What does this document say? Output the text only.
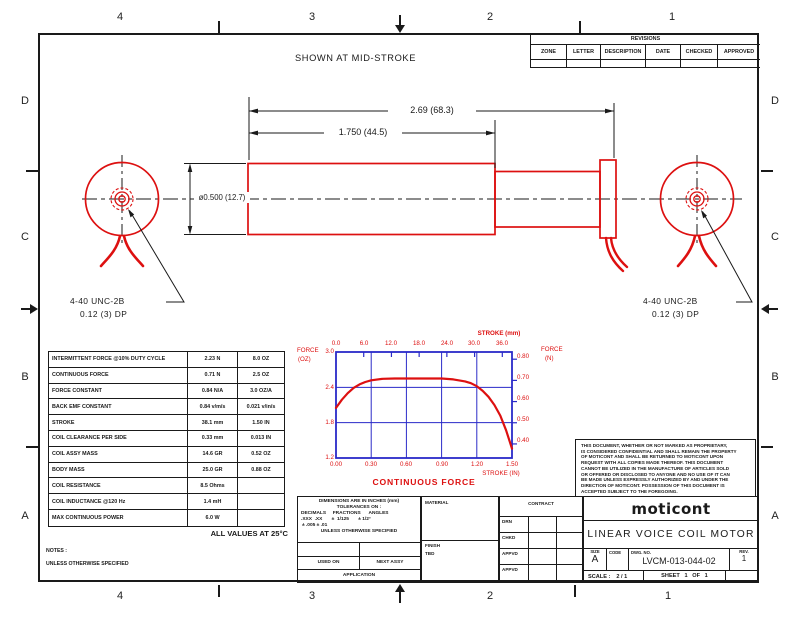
4	3	2	1
4	3	2	1
D
C
B
A
D
C
B
A
REVISIONS
ZONE	LETTER	DESCRIPTION	DATE	CHECKED	APPROVED
SHOWN AT MID-STROKE
2.69 (68.3)
1.750 (44.5)
ø0.500 (12.7)
4-40 UNC-2B
0.12 (3) DP
4-40 UNC-2B
0.12 (3) DP
INTERMITTENT FORCE @10% DUTY CYCLE	2.23 N	8.0 OZ
CONTINUOUS FORCE	0.71 N	2.5 OZ
FORCE CONSTANT	0.84 N/A	3.0 OZ/A
BACK EMF CONSTANT	0.84 v/m/s	0.021 v/in/s
STROKE	38.1 mm	1.50 IN
COIL CLEARANCE PER SIDE	0.33 mm	0.013 IN
COIL ASSY MASS	14.6 GR	0.52 OZ
BODY MASS	25.0 GR	0.88 OZ
COIL RESISTANCE	8.5 Ohms
COIL INDUCTANCE @120 Hz	1.4 mH
MAX CONTINUOUS POWER	6.0 W
ALL VALUES AT 25°C
NOTES :
UNLESS OTHERWISE SPECIFIED
STROKE (mm)
0.0	6.0	12.0	18.0	24.0	30.0	36.0
FORCE
(OZ)
3.0
2.4
1.8
1.2
FORCE
(N)
0.80
0.70
0.60
0.50
0.40
0.00	0.30	0.60	0.90	1.20	1.50
STROKE (IN)
CONTINUOUS FORCE
THIS DOCUMENT, WHETHER OR NOT MARKED AS PROPRIETARY,
IS CONSIDERED CONFIDENTIAL AND SHALL REMAIN THE PROPERTY
OF MOTICONT AND SHALL BE RETURNED TO MOTICONT UPON
REQUEST WITH ALL COPIES MADE THEREOF. THIS DOCUMENT
CANNOT BE UTILIZED IN THE MANUFACTURE OF ARTICLES SOLD
OR OFFERED OR DISCLOSED TO ANYONE AND NO USE OF IT CAN
BE MADE UNLESS EXPRESSLY AUTHORIZED BY AND UNDER THE
DIRECTION OF MOTICONT. POSSESSION OF THIS DOCUMENT IS
ACCEPTED SUBJECT TO THE FOREGOING.
DIMENSIONS ARE IN INCHES (mm)
TOLERANCES ON :
DECIMALS     FRACTIONS      ANGLES
.XXX  .XX       ±  1/125       ± 1/2°
± .005 ± .01
UNLESS OTHERWISE SPECIFIED
USED ON	NEXT ASSY
APPLICATION
MATERIAL
FINISH
TBD
CONTRACT
DRN
CHKD
APPVD
APPVD
moticont
LINEAR VOICE COIL MOTOR
SIZE
A
CODE	DWG. NO.
LVCM-013-044-02
REV.
1
SCALE : 2 / 1	SHEET   1   OF   1
